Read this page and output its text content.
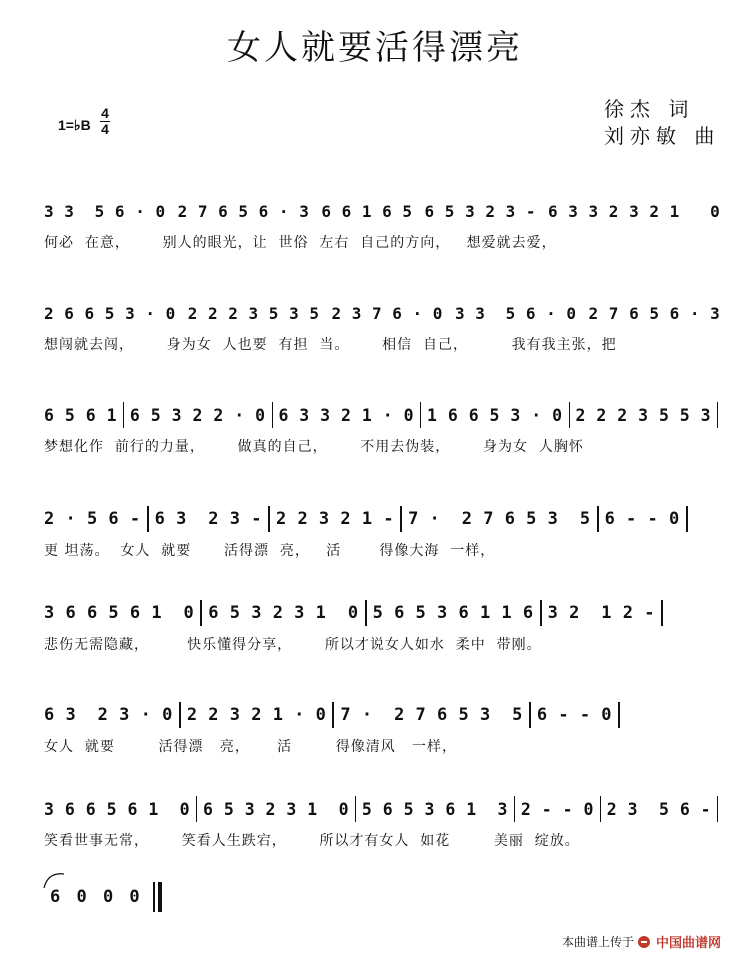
女人就要活得漂亮
1=♭B
4
4
徐杰 词
刘亦敏 曲
3 3  5 6 · 0 2 7 6 5 6 · 3 6 6 1 6 5 6 5 3 2 3 - 6 3 3 2 3 2 1   0
何必  在意，      别人的眼光，让  世俗  左右  自己的方向，   想爱就去爱，
2 6 6 5 3 · 0 2 2 2 3 5 3 5 2 3 7 6 · 0 3 3  5 6 · 0 2 7 6 5 6 · 3
想闯就去闯，      身为女  人也要  有担  当。      相信  自己，        我有我主张，把
6 5 6 1 6 5 3 2 2 · 0 6 3 3 2 1 · 0 1 6 6 5 3 · 0 2 2 2 3 5 5 3
梦想化作  前行的力量，      做真的自己，      不用去伪装，      身为女  人胸怀
2 · 5 6 - 6 3  2 3 - 2 2 3 2 1 - 7 ·  2 7 6 5 3  5 6 - - 0
更 坦荡。  女人  就要      活得漂  亮，   活       得像大海  一样，
3 6 6 5 6 1  0 6 5 3 2 3 1  0 5 6 5 3 6 1 1 6 3 2  1 2 -
悲伤无需隐藏，       快乐懂得分享，      所以才说女人如水  柔中  带刚。
6 3  2 3 · 0 2 2 3 2 1 · 0 7 ·  2 7 6 5 3  5 6 - - 0
女人  就要        活得漂   亮，     活        得像清风   一样，
3 6 6 5 6 1  0 6 5 3 2 3 1  0 5 6 5 3 6 1  3 2 - - 0 2 3  5 6 -
笑看世事无常，      笑看人生跌宕，      所以才有女人  如花        美丽  绽放。
6 0 0 0
本曲谱上传于 中国曲谱网
